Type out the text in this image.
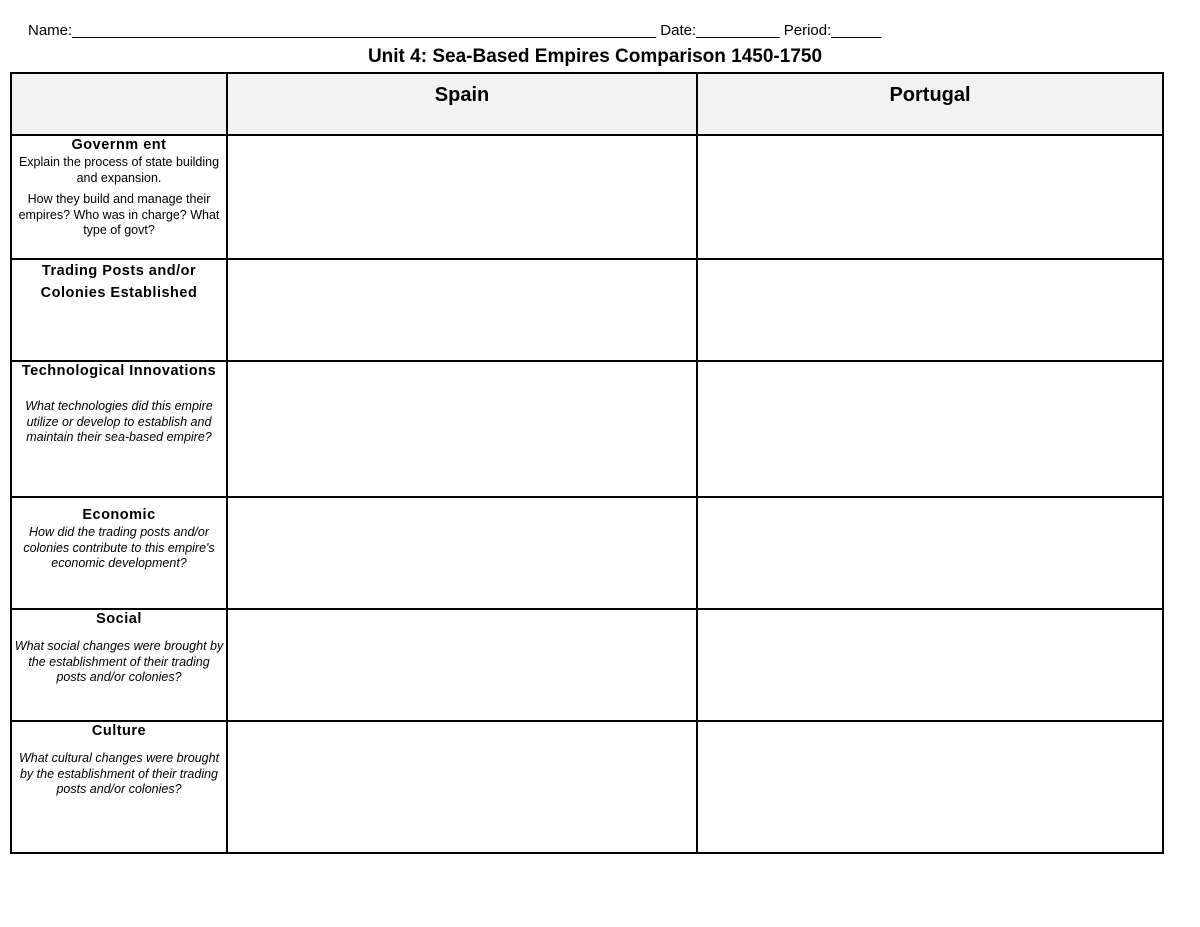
Name:______________________________________________________________________ Date:__________ Period:______
Unit 4: Sea-Based Empires Comparison 1450-1750
	Spain	Portugal

Governm ent
Explain the process of state building and expansion.
How they build and manage their empires? Who was in charge? What type of govt?		

Trading Posts and/or Colonies Established		

Technological Innovations
What technologies did this empire utilize or develop to establish and maintain their sea-based empire?		

Economic
How did the trading posts and/or colonies contribute to this empire's economic development?		

Social
What social changes were brought by the establishment of their trading posts and/or colonies?		

Culture
What cultural changes were brought by the establishment of their trading posts and/or colonies?		
